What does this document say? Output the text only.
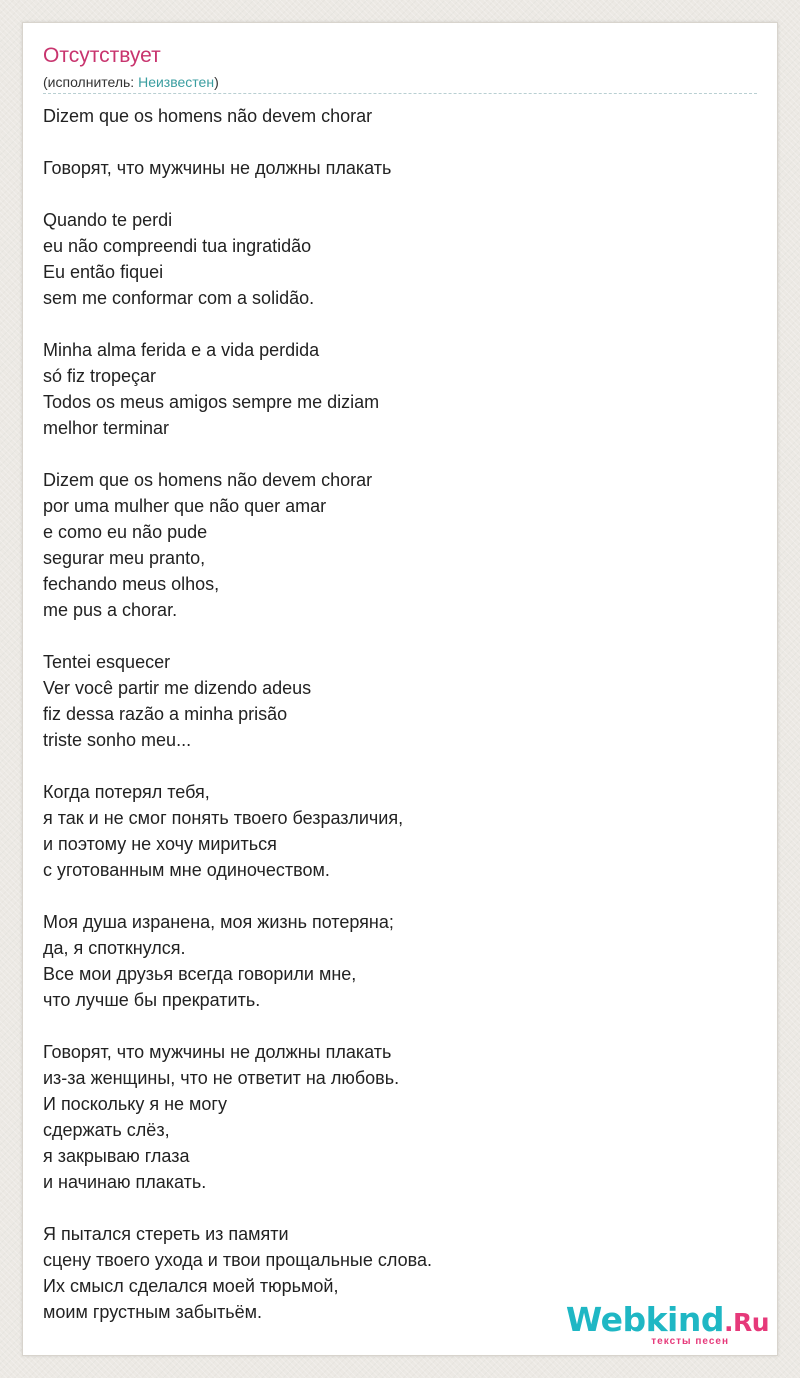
Отсутствует
(исполнитель: Неизвестен)
Dizem que os homens não devem chorar
Говорят, что мужчины не должны плакать
Quando te perdi
eu não compreendi tua ingratidão
Eu então fiquei
sem me conformar com a solidão.
Minha alma ferida e a vida perdida
só fiz tropeçar
Todos os meus amigos sempre me diziam
melhor terminar
Dizem que os homens não devem chorar
por uma mulher que não quer amar
e como eu não pude
segurar meu pranto,
fechando meus olhos,
me pus a chorar.
Tentei esquecer
Ver você partir me dizendo adeus
fiz dessa razão a minha prisão
triste sonho meu...
Когда потерял тебя,
я так и не смог понять твоего безразличия,
и поэтому не хочу мириться
с уготованным мне одиночеством.
Моя душа изранена, моя жизнь потеряна;
да, я споткнулся.
Все мои друзья всегда говорили мне,
что лучше бы прекратить.
Говорят, что мужчины не должны плакать
из-за женщины, что не ответит на любовь.
И поскольку я не могу
сдержать слёз,
я закрываю глаза
и начинаю плакать.
Я пытался стереть из памяти
сцену твоего ухода и твои прощальные слова.
Их смысл сделался моей тюрьмой,
моим грустным забытьём.	Webkind.Ru
тексты песен
